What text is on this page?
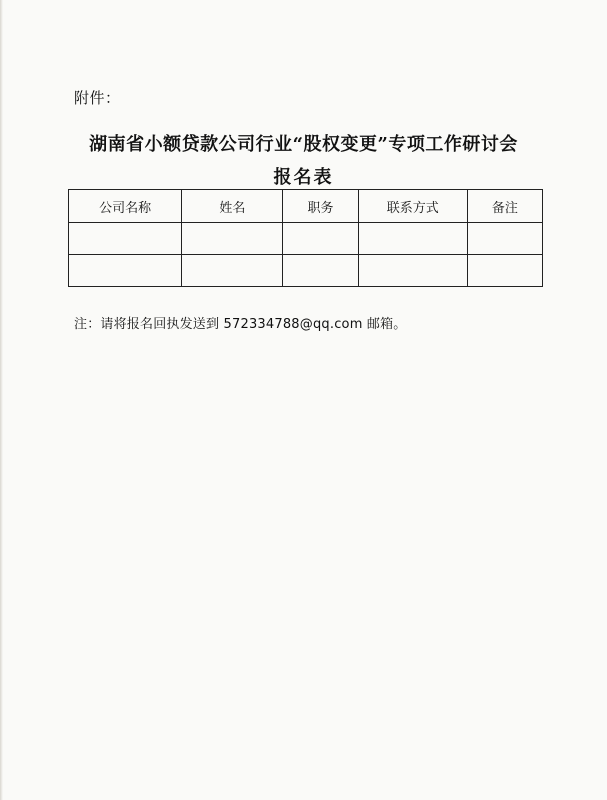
附件：
湖南省小额贷款公司行业“股权变更”专项工作研讨会
报名表
公司名称	姓名	职务	联系方式	备注

注：请将报名回执发送到 572334788@qq.com 邮箱。
